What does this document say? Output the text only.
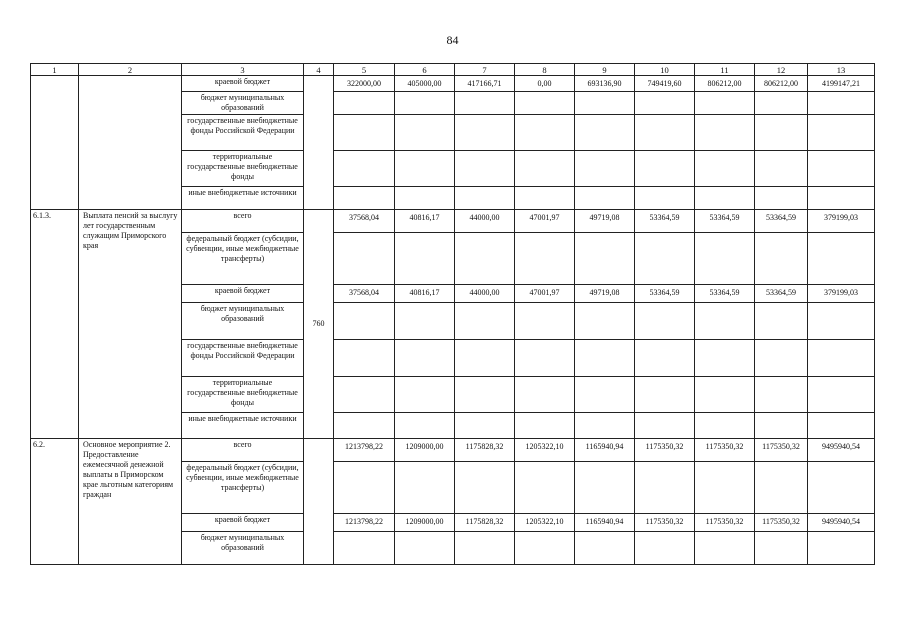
84
1	2	3	4	5	6	7	8	9	10	11	12	13
		краевой бюджет		322000,00	405000,00	417166,71	0,00	693136,90	749419,60	806212,00	806212,00	4199147,21
		бюджет муниципальных образований										
		государственные внебюджетные фонды Российской Федерации										
		территориальные государственные внебюджетные фонды										
		иные внебюджетные источники										
6.1.3.	Выплата пенсий за выслугу лет государственным служащим Приморского края	всего	760	37568,04	40816,17	44000,00	47001,97	49719,08	53364,59	53364,59	53364,59	379199,03
		федеральный бюджет (субсидии, субвенции, иные межбюджетные трансферты)										
		краевой бюджет		37568,04	40816,17	44000,00	47001,97	49719,08	53364,59	53364,59	53364,59	379199,03
		бюджет муниципальных образований										
		государственные внебюджетные фонды Российской Федерации										
		территориальные государственные внебюджетные фонды										
		иные внебюджетные источники										
6.2.	Основное мероприятие 2. Предоставление ежемесячной денежной выплаты в Приморском крае льготным категориям граждан	всего		1213798,22	1209000,00	1175828,32	1205322,10	1165940,94	1175350,32	1175350,32	1175350,32	9495940,54
		федеральный бюджет (субсидии, субвенции, иные межбюджетные трансферты)										
		краевой бюджет		1213798,22	1209000,00	1175828,32	1205322,10	1165940,94	1175350,32	1175350,32	1175350,32	9495940,54
		бюджет муниципальных образований										
